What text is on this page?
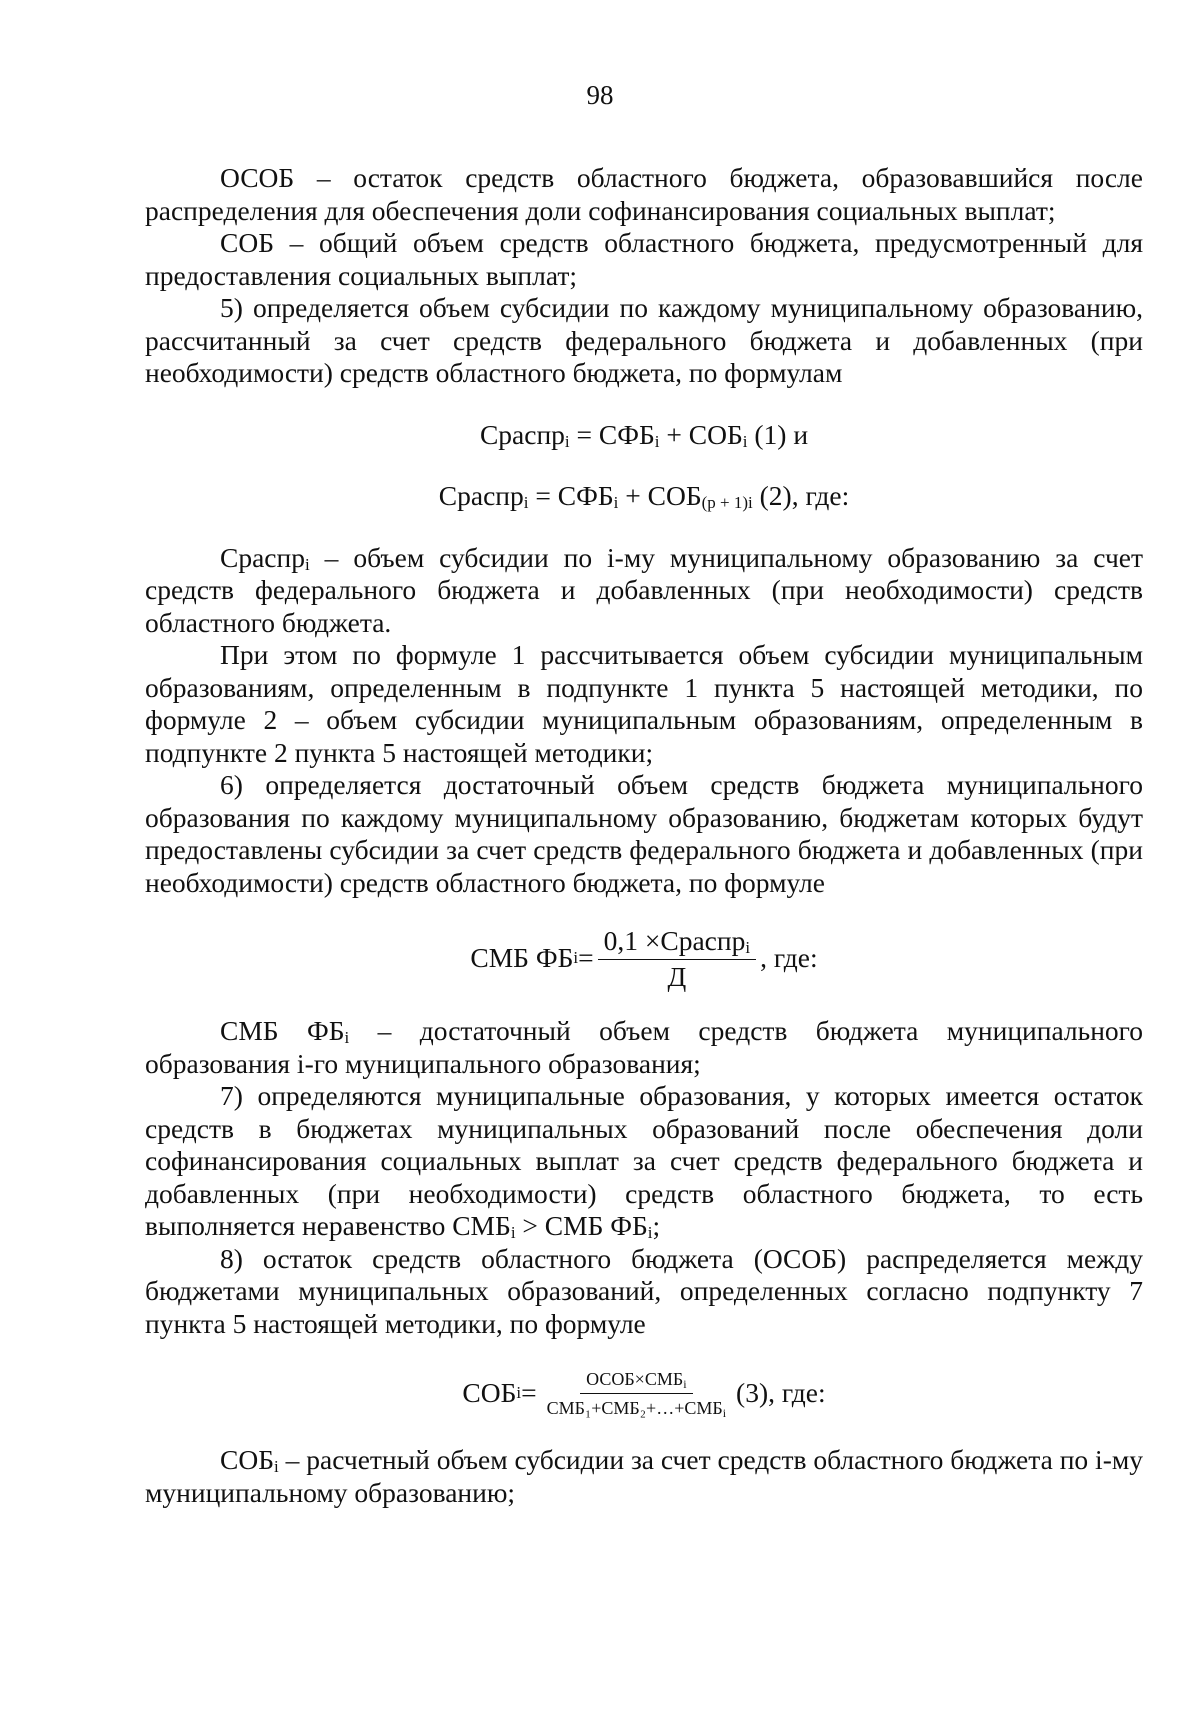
98

ОСОБ – остаток средств областного бюджета, образовавшийся после распределения для обеспечения доли софинансирования социальных выплат;

СОБ – общий объем средств областного бюджета, предусмотренный для предоставления социальных выплат;

5) определяется объем субсидии по каждому муниципальному образованию, рассчитанный за счет средств федерального бюджета и добавленных (при необходимости) средств областного бюджета, по формулам

Сраспр$_i$ = $СФБ_i + СОБ_i$ (1) и

Сраспр$_i$ = $СФБ_i + СОБ_{(р + 1)i}$ (2), где:

Сраспр$_i$ – объем субсидии по i-му муниципальному образованию за счет средств федерального бюджета и добавленных (при необходимости) средств областного бюджета.

При этом по формуле 1 рассчитывается объем субсидии муниципальным образованиям, определенным в подпункте 1 пункта 5 настоящей методики, по формуле 2 – объем субсидии муниципальным образованиям, определенным в подпункте 2 пункта 5 настоящей методики;

6) определяется достаточный объем средств бюджета муниципального образования по каждому муниципальному образованию, бюджетам которых будут предоставлены субсидии за счет средств федерального бюджета и добавленных (при необходимости) средств областного бюджета, по формуле

СМБ ФБ $i = \frac{0,1 \times Сраспр_i}{Д}$ , где:

СМБ $ФБ_i$ – достаточный объем средств бюджета муниципального образования i-го муниципального образования;

7) определяются муниципальные образования, у которых имеется остаток средств в бюджетах муниципальных образований после обеспечения доли софинансирования социальных выплат за счет средств федерального бюджета и добавленных (при необходимости) средств областного бюджета, то есть выполняется неравенство $СМБ_i$ > СМБ $ФБ_i$;

8) остаток средств областного бюджета (ОСОБ) распределяется между бюджетами муниципальных образований, определенных согласно подпункту 7 пункта 5 настоящей методики, по формуле

СОБ $i = \frac{ОСОБ\times СМБ_i}{СМБ_1+СМБ_2+\dots+СМБ_i} (3)$, где:

$СОБ_i$ – расчетный объем субсидии за счет средств областного бюджета по i-му муниципальному образованию;
